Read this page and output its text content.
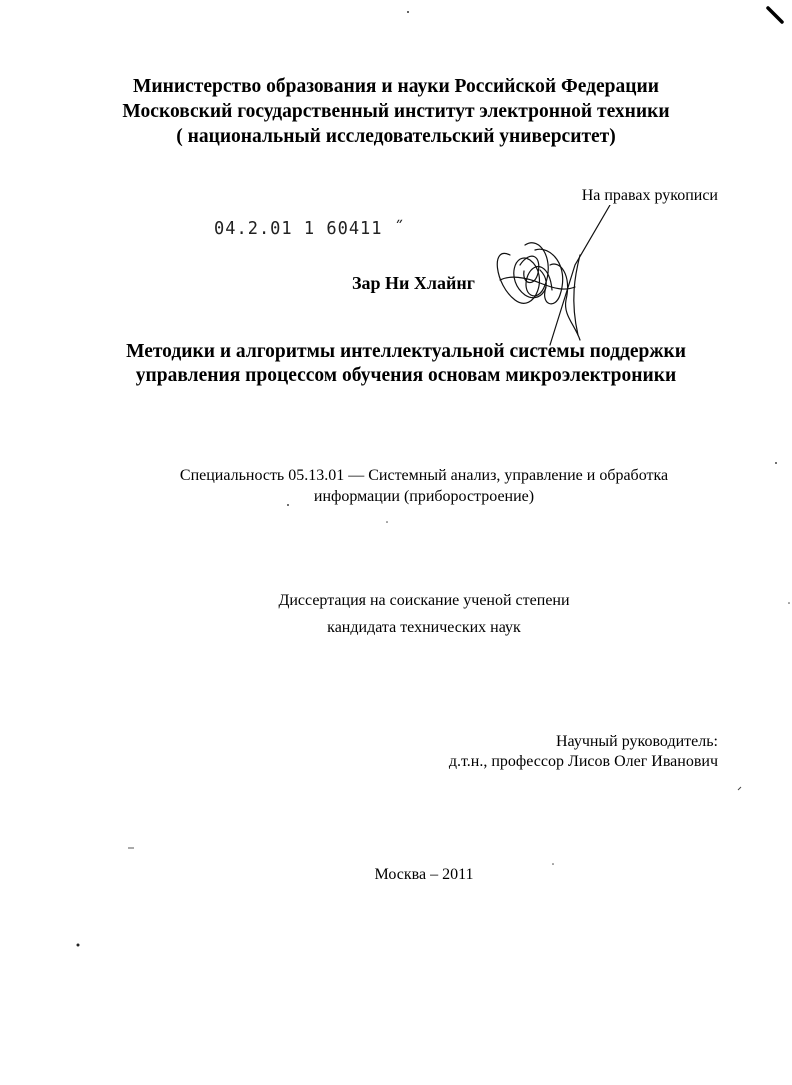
Министерство образования и науки Российской Федерации
Московский государственный институт электронной техники
( национальный исследовательский университет)
На правах рукописи
04.2.01 1 60411 ˝
Зар Ни Хлайнг
Методики и алгоритмы интеллектуальной системы поддержки
управления процессом обучения основам микроэлектроники
Специальность 05.13.01 — Системный анализ, управление и обработка
информации (приборостроение)
Диссертация на соискание ученой степени
кандидата технических наук
Научный руководитель:
д.т.н., профессор Лисов Олег Иванович
Москва – 2011
